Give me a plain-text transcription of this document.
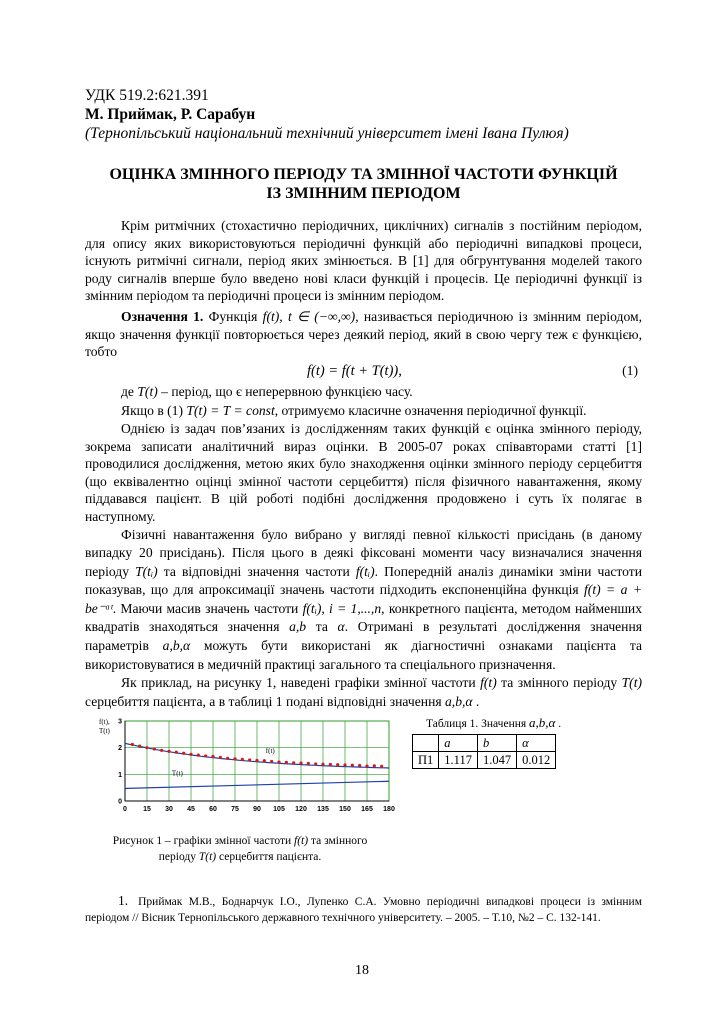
УДК 519.2:621.391
М. Приймак, Р. Сарабун
(Тернопільський національний технічний університет імені Івана Пулюя)
ОЦІНКА ЗМІННОГО ПЕРІОДУ ТА ЗМІННОЇ ЧАСТОТИ ФУНКЦІЙ
ІЗ ЗМІННИМ ПЕРІОДОМ

Крім ритмічних (стохастично періодичних, циклічних) сигналів з постійним періодом, для опису яких використовуються періодичні функцій або періодичні випадкові процеси, існують ритмічні сигнали, період яких змінюється. В [1] для обгрунтування моделей такого роду сигналів вперше було введено нові класи функцій і процесів. Це періодичні функції із змінним періодом та періодичні процеси із змінним періодом.

Означення 1. Функція f(t), t ∈ (−∞,∞), називається періодичною із змінним періодом, якщо значення функції повторюється через деякий період, який в свою чергу теж є функцією, тобто

f(t) = f(t + T(t)),	(1)

де T(t) – період, що є неперервною функцією часу.

Якщо в (1) T(t) = T = const, отримуємо класичне означення періодичної функції.

Однією із задач пов’язаних із дослідженням таких функцій є оцінка змінного періоду, зокрема записати аналітичний вираз оцінки. В 2005-07 роках співавторами статті [1] проводилися дослідження, метою яких було знаходження оцінки змінного періоду серцебиття (що еквівалентно оцінці змінної частоти серцебиття) після фізичного навантаження, якому піддавався пацієнт. В цій роботі подібні дослідження продовжено і суть їх полягає в наступному.

Фізичні навантаження було вибрано у вигляді певної кількості присідань (в даному випадку 20 присідань). Після цього в деякі фіксовані моменти часу визначалися значення періоду T(tᵢ) та відповідні значення частоти f(tᵢ). Попередній аналіз динаміки зміни частоти показував, що для апроксимації значень частоти підходить експоненційна функція f(t) = a + be⁻ᵅᵗ. Маючи масив значень частоти f(tᵢ), i = 1,...,n, конкретного пацієнта, методом найменших квадратів знаходяться значення a,b та α. Отримані в результаті дослідження значення параметрів a,b,α можуть бути використані як діагностичні ознаками пацієнта та використовуватися в медичній практиці загального та спеціального призначення.

Як приклад, на рисунку 1, наведені графіки змінної частоти f(t) та змінного періоду T(t) серцебиття пацієнта, а в таблиці 1 подані відповідні значення a,b,α .

0 15 30 45 60 75 90 105 120 135 150 165 180
0
1
2
3
f(t),
T(t)
f(t)
T(t)
Рисунок 1 – графіки змінної частоти f(t) та змінного
періоду T(t) серцебиття пацієнта.
Таблиця 1. Значення a,b,α .
	a	b	α
П1	1.117	1.047	0.012
1. Приймак М.В., Боднарчук І.О., Лупенко С.А. Умовно періодичні випадкові процеси із змінним періодом // Вісник Тернопільського державного технічного університету. – 2005. – Т.10, №2 – С. 132-141.
18
